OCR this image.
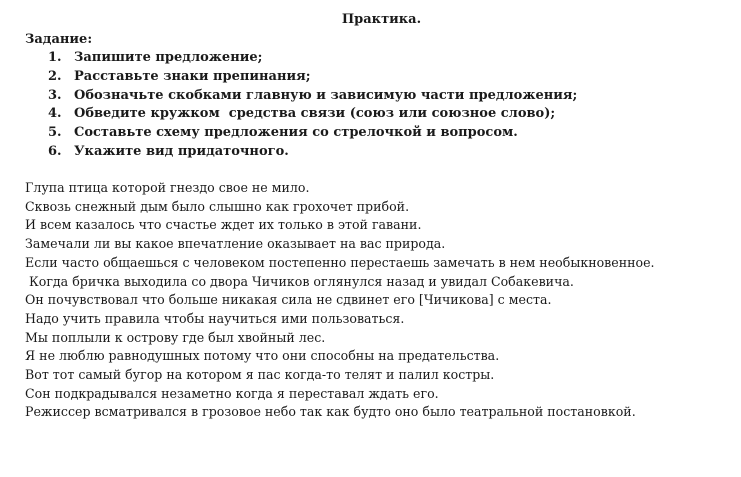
Практика.
Задание:
1. Запишите предложение;
2. Расставьте знаки препинания;
3. Обозначьте скобками главную и зависимую части предложения;
4. Обведите кружком  средства связи (союз или союзное слово);
5. Составьте схему предложения со стрелочкой и вопросом.
6. Укажите вид придаточного.
Глупа птица которой гнездо свое не мило.
Сквозь снежный дым было слышно как грохочет прибой.
И всем казалось что счастье ждет их только в этой гавани.
Замечали ли вы какое впечатление оказывает на вас природа.
Если часто общаешься с человеком постепенно перестаешь замечать в нем необыкновенное.
Когда бричка выходила со двора Чичиков оглянулся назад и увидал Собакевича.
Он почувствовал что больше никакая сила не сдвинет его [Чичикова] с места.
Надо учить правила чтобы научиться ими пользоваться.
Мы поплыли к острову где был хвойный лес.
Я не люблю равнодушных потому что они способны на предательства.
Вот тот самый бугор на котором я пас когда-то телят и палил костры.
Сон подкрадывался незаметно когда я переставал ждать его.
Режиссер всматривался в грозовое небо так как будто оно было театральной постановкой.
